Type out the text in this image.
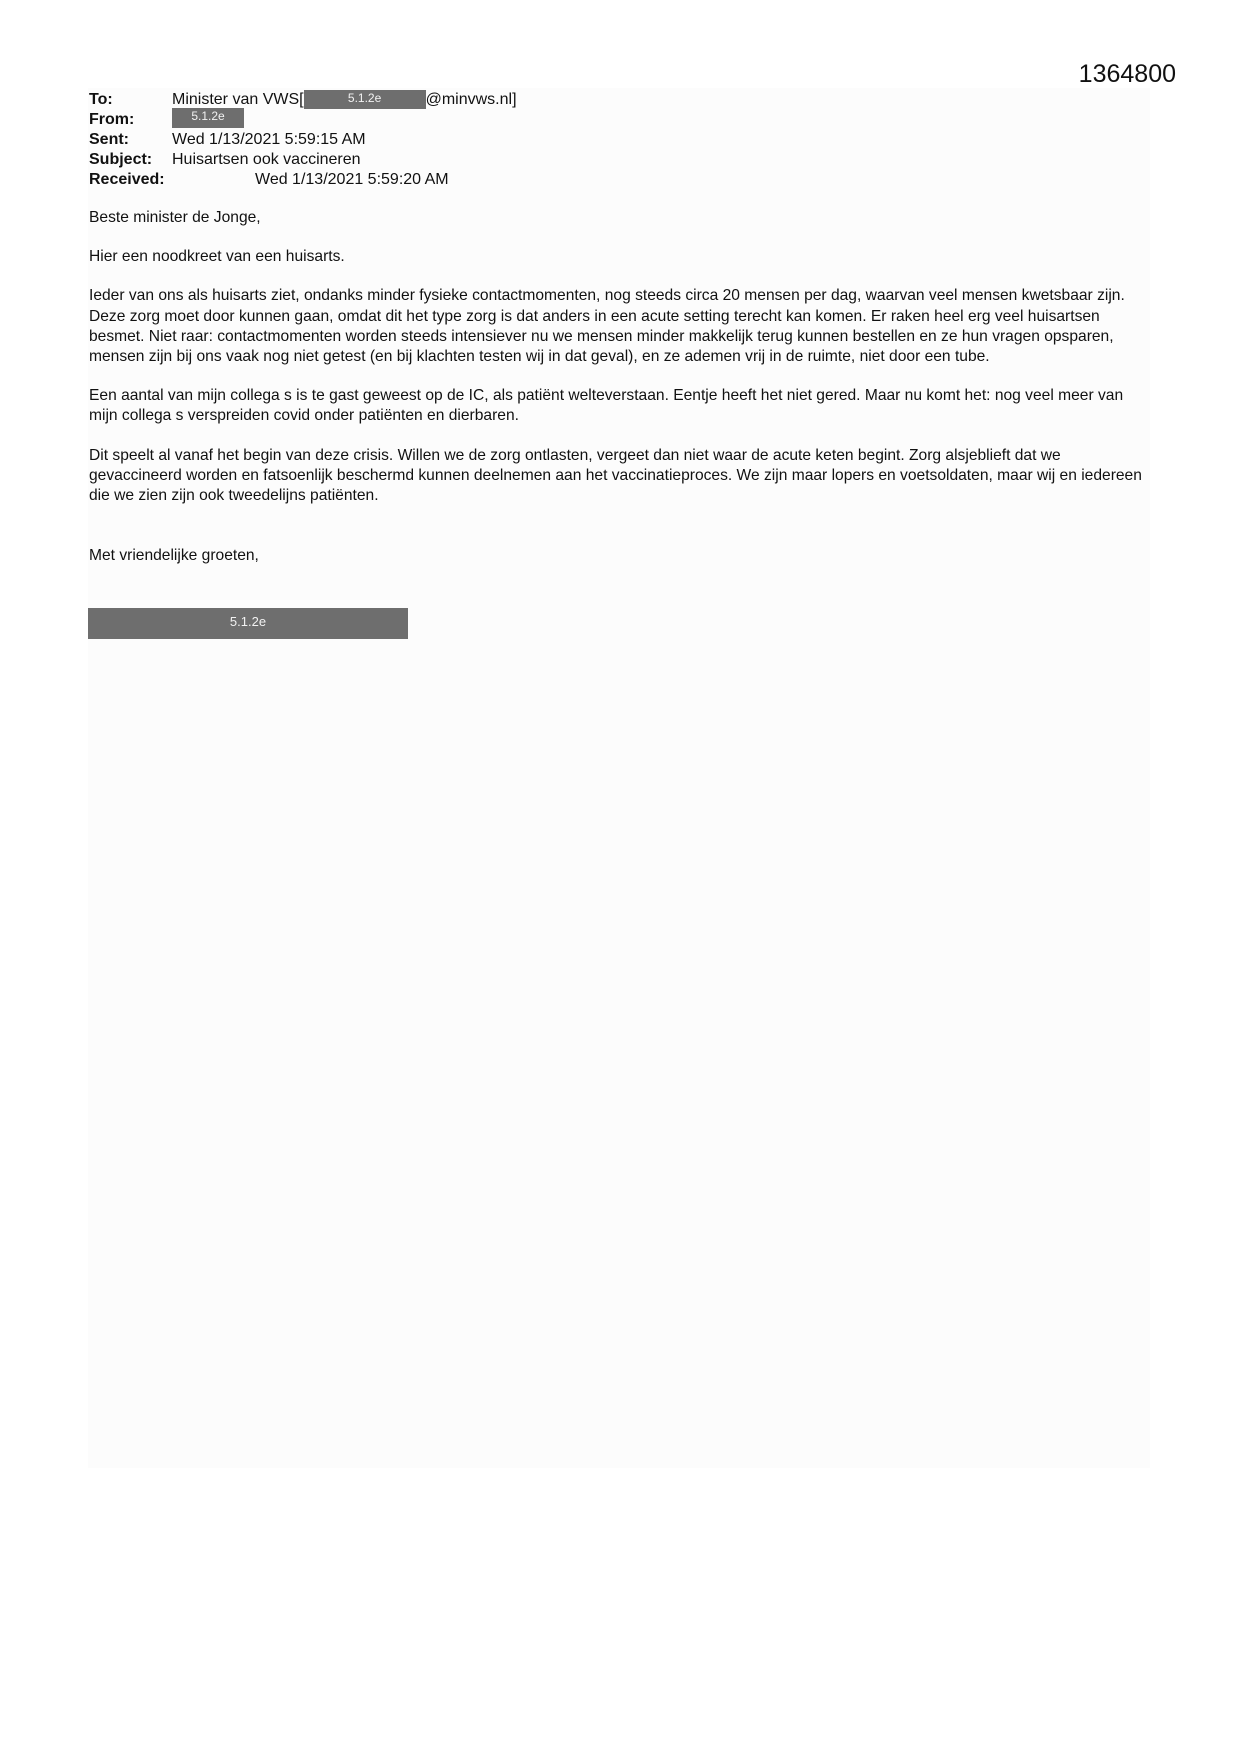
1364800
To:	Minister van VWS[	5.1.2e	@minvws.nl]
From:	5.1.2e
Sent:	Wed 1/13/2021 5:59:15 AM
Subject: Huisartsen ook vaccineren
Received:	Wed 1/13/2021 5:59:20 AM

Beste minister de Jonge,

Hier een noodkreet van een huisarts.

Ieder van ons als huisarts ziet, ondanks minder fysieke contactmomenten, nog steeds circa 20 mensen per dag, waarvan veel mensen kwetsbaar zijn. Deze zorg moet door kunnen gaan, omdat dit het type zorg is dat anders in een acute setting terecht kan komen. Er raken heel erg veel huisartsen besmet. Niet raar: contactmomenten worden steeds intensiever nu we mensen minder makkelijk terug kunnen bestellen en ze hun vragen opsparen, mensen zijn bij ons vaak nog niet getest (en bij klachten testen wij in dat geval), en ze ademen vrij in de ruimte, niet door een tube.

Een aantal van mijn collega s is te gast geweest op de IC, als patiënt welteverstaan. Eentje heeft het niet gered. Maar nu komt het: nog veel meer van mijn collega s verspreiden covid onder patiënten en dierbaren.

Dit speelt al vanaf het begin van deze crisis. Willen we de zorg ontlasten, vergeet dan niet waar de acute keten begint. Zorg alsjeblieft dat we gevaccineerd worden en fatsoenlijk beschermd kunnen deelnemen aan het vaccinatieproces. We zijn maar lopers en voetsoldaten, maar wij en iedereen die we zien zijn ook tweedelijns patiënten.

Met vriendelijke groeten,

5.1.2e
